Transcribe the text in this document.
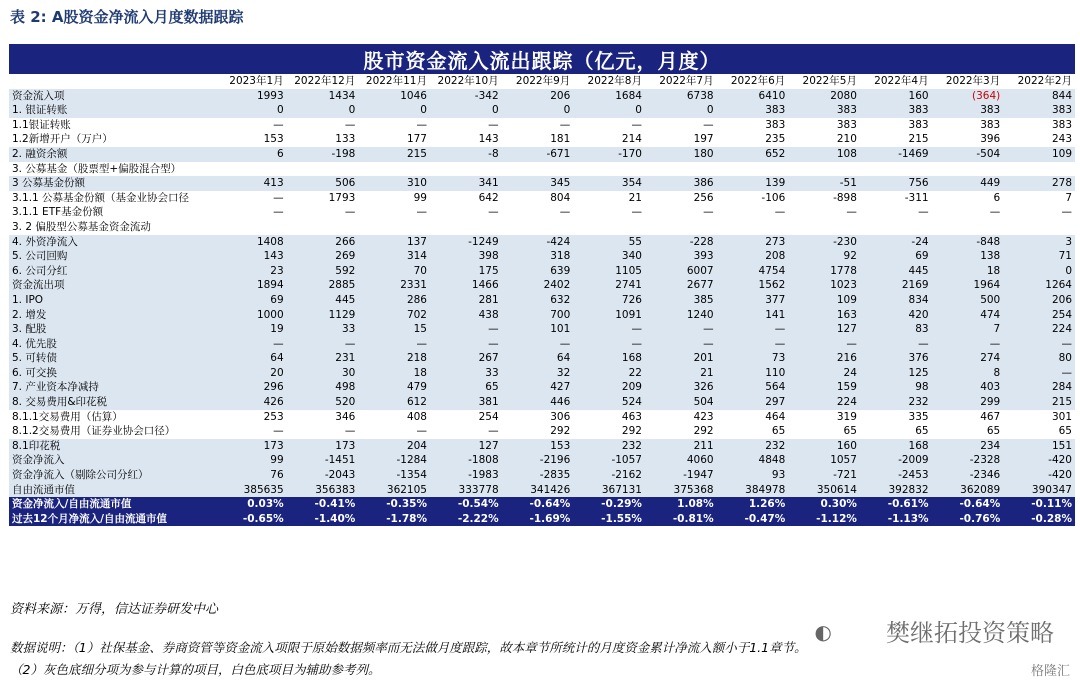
表 2: A股资金净流入月度数据跟踪
股市资金流入流出跟踪（亿元，月度）
	2023年1月	2022年12月	2022年11月	2022年10月	2022年9月	2022年8月	2022年7月	2022年6月	2022年5月	2022年4月	2022年3月	2022年2月
资金流入项	1993	1434	1046	-342	206	1684	6738	6410	2080	160	(364)	844
1. 银证转账	0	0	0	0	0	0	0	383	383	383	383	383
1.1银证转账	—	—	—	—	—	—	—	383	383	383	383	383
1.2新增开户（万户）	153	133	177	143	181	214	197	235	210	215	396	243
2. 融资余额	6	-198	215	-8	-671	-170	180	652	108	-1469	-504	109
3. 公募基金（股票型+偏股混合型）												
3 公募基金份额	413	506	310	341	345	354	386	139	-51	756	449	278
3.1.1 公募基金份额（基金业协会口径	—	1793	99	642	804	21	256	-106	-898	-311	6	7
3.1.1 ETF基金份额	—	—	—	—	—	—	—	—	—	—	—	—
3. 2 偏股型公募基金资金流动												
4. 外资净流入	1408	266	137	-1249	-424	55	-228	273	-230	-24	-848	3
5. 公司回购	143	269	314	398	318	340	393	208	92	69	138	71
6. 公司分红	23	592	70	175	639	1105	6007	4754	1778	445	18	0
资金流出项	1894	2885	2331	1466	2402	2741	2677	1562	1023	2169	1964	1264
1. IPO	69	445	286	281	632	726	385	377	109	834	500	206
2. 增发	1000	1129	702	438	700	1091	1240	141	163	420	474	254
3. 配股	19	33	15	—	101	—	—	—	127	83	7	224
4. 优先股	—	—	—	—	—	—	—	—	—	—	—	—
5. 可转债	64	231	218	267	64	168	201	73	216	376	274	80
6. 可交换	20	30	18	33	32	22	21	110	24	125	8	—
7. 产业资本净减持	296	498	479	65	427	209	326	564	159	98	403	284
8. 交易费用&印花税	426	520	612	381	446	524	504	297	224	232	299	215
8.1.1交易费用（估算）	253	346	408	254	306	463	423	464	319	335	467	301
8.1.2交易费用（证券业协会口径）	—	—	—	—	292	292	292	65	65	65	65	65
8.1印花税	173	173	204	127	153	232	211	232	160	168	234	151
资金净流入	99	-1451	-1284	-1808	-2196	-1057	4060	4848	1057	-2009	-2328	-420
资金净流入（剔除公司分红）	76	-2043	-1354	-1983	-2835	-2162	-1947	93	-721	-2453	-2346	-420
自由流通市值	385635	356383	362105	333778	341426	367131	375368	384978	350614	392832	362089	390347
资金净流入/自由流通市值	0.03%	-0.41%	-0.35%	-0.54%	-0.64%	-0.29%	1.08%	1.26%	0.30%	-0.61%	-0.64%	-0.11%
过去12个月净流入/自由流通市值	-0.65%	-1.40%	-1.78%	-2.22%	-1.69%	-1.55%	-0.81%	-0.47%	-1.12%	-1.13%	-0.76%	-0.28%
资料来源：万得，信达证券研发中心
数据说明：（1）社保基金、券商资管等资金流入项限于原始数据频率而无法做月度跟踪，故本章节所统计的月度资金累计净流入额小于1.1章节。
（2）灰色底细分项为参与计算的项目，白色底项目为辅助参考列。
◐ 樊继拓投资策略
格隆汇
